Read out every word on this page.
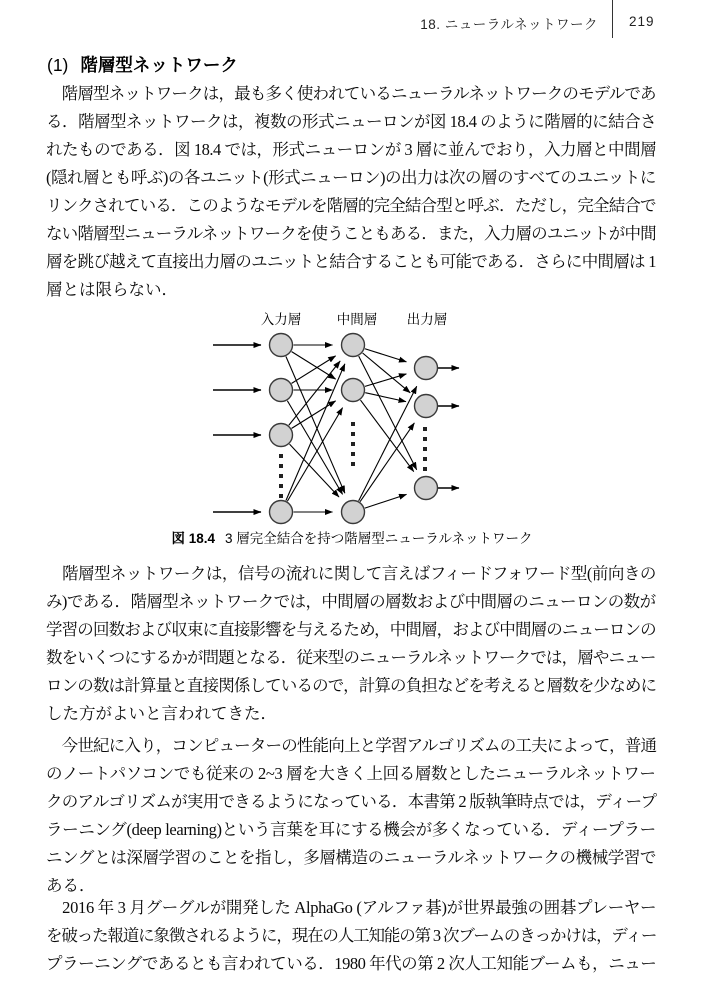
18. ニューラルネットワーク 219
(1) 階層型ネットワーク
　階層型ネットワークは，最も多く使われているニューラルネットワークのモデルであ
る．階層型ネットワークは，複数の形式ニューロンが図 18.4 のように階層的に結合さ
れたものである．図 18.4 では，形式ニューロンが 3 層に並んでおり，入力層と中間層
(隠れ層とも呼ぶ)の各ユニット(形式ニューロン)の出力は次の層のすべてのユニットに
リンクされている．このようなモデルを階層的完全結合型と呼ぶ．ただし，完全結合で
ない階層型ニューラルネットワークを使うこともある．また，入力層のユニットが中間
層を跳び越えて直接出力層のユニットと結合することも可能である．さらに中間層は 1
層とは限らない．
　階層型ネットワークは，信号の流れに関して言えばフィードフォワード型(前向きの
み)である．階層型ネットワークでは，中間層の層数および中間層のニューロンの数が
学習の回数および収束に直接影響を与えるため，中間層，および中間層のニューロンの
数をいくつにするかが問題となる．従来型のニューラルネットワークでは，層やニュー
ロンの数は計算量と直接関係しているので，計算の負担などを考えると層数を少なめに
した方がよいと言われてきた．
　今世紀に入り，コンピューターの性能向上と学習アルゴリズムの工夫によって，普通
のノートパソコンでも従来の 2~3 層を大きく上回る層数としたニューラルネットワー
クのアルゴリズムが実用できるようになっている．本書第 2 版執筆時点では，ディープ
ラーニング(deep learning)という言葉を耳にする機会が多くなっている．ディープラー
ニングとは深層学習のことを指し，多層構造のニューラルネットワークの機械学習で
ある．
　2016 年 3 月グーグルが開発した AlphaGo (アルファ碁)が世界最強の囲碁プレーヤー
を破った報道に象徴されるように，現在の人工知能の第 3 次ブームのきっかけは，ディー
プラーニングであるとも言われている．1980 年代の第 2 次人工知能ブームも，ニュー
入力層	中間層 出力層
図 18.4 3 層完全結合を持つ階層型ニューラルネットワーク
